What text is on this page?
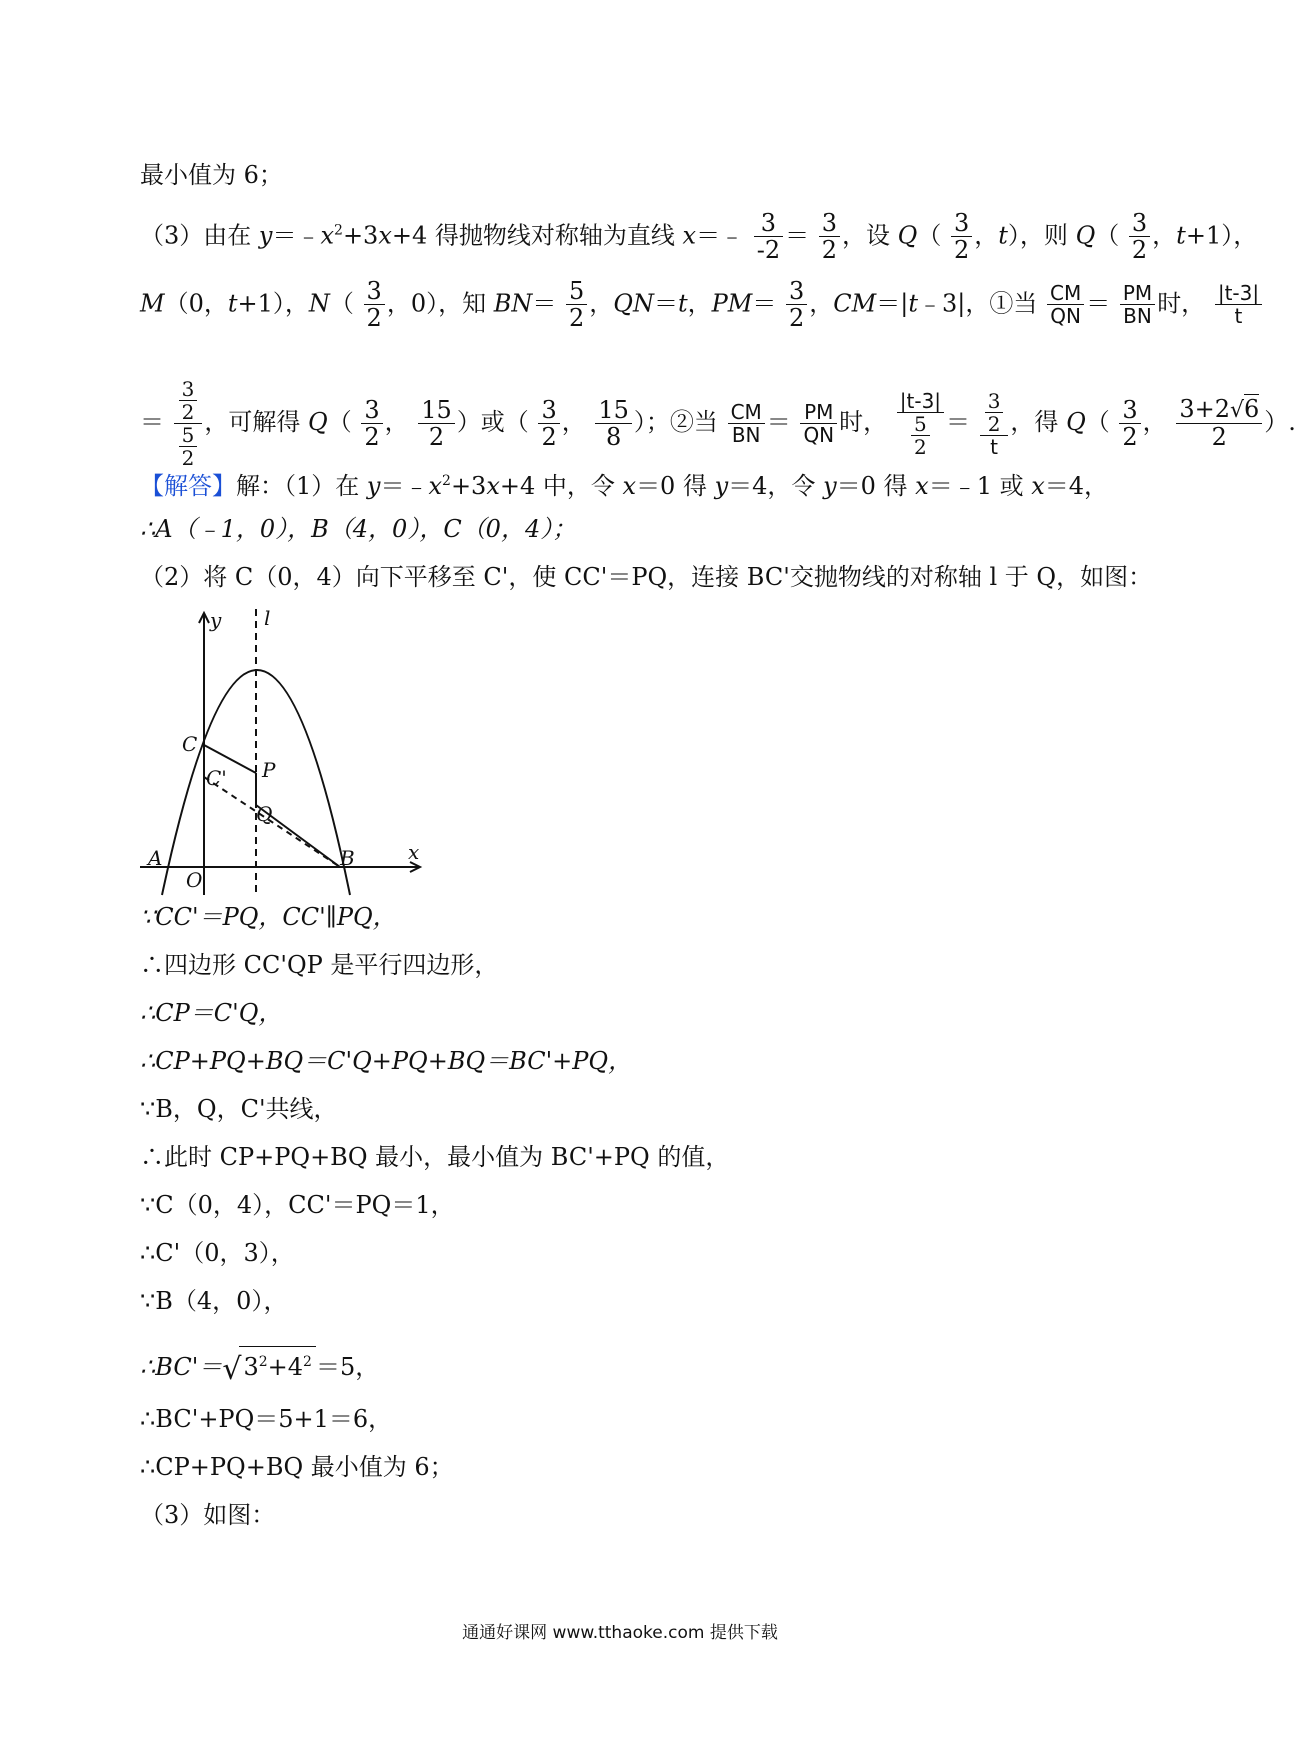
最小值为 6；
（3）由在 $y=﹣x^2+3x+4$ 得抛物线对称轴为直线 x＝﹣ $\frac{3}{-2} = \frac{3}{2}$ ，设 $Q( \frac{3}{2}$ ，t），则 $Q( \frac{3}{2}$ ，t+1），
M（0，t+1），$N( \frac{3}{2}$ ，0），知 $BN= \frac{5}{2}$ ，QN＝t，$PM= \frac{3}{2}$ ，CM＝|t﹣3|，①当 $\frac{CM}{QN} = \frac{PM}{BN}$ 时， $\frac{|t-3|}{t}$
＝ $\frac{\frac{3}{2}}{\frac{5}{2}}$ ，可解得 $Q( \frac{3}{2}$ ， $\frac{15}{2}$ ）或（ $\frac{3}{2}$ ， $\frac{15}{8}$ ）；②当 $\frac{CM}{BN} = \frac{PM}{QN}$ 时， $\frac{|t-3|}{\frac{5}{2}} = \frac{\frac{3}{2}}{t}$ ，得 $Q( \frac{3}{2}$ ， $\frac{3+2√6}{2}$ ）.
【解答】解：（1）在 $y=﹣x^2+3x+4$ 中，令 x＝0 得 y＝4，令 y＝0 得 x＝﹣1 或 x＝4，
∴A（﹣1，0），B（4，0），C（0，4）；
（2）将 C（0，4）向下平移至 C'，使 CC'＝PQ，连接 BC'交抛物线的对称轴 l 于 Q，如图：
y l
C
C' P
Q
A
O
B	x
∵CC'＝PQ，CC'∥PQ，
∴四边形 CC'QP 是平行四边形，
∴CP＝C'Q，
∴CP+PQ+BQ＝C'Q+PQ+BQ＝BC'+PQ，
∵B，Q，C'共线，
∴此时 CP+PQ+BQ 最小，最小值为 BC'+PQ 的值，
∵C（0，4），CC'＝PQ＝1，
∴C'（0，3），
∵B（4，0），
$\therefore BC'=√3^2+4^2 =5$，
∴BC'+PQ＝5+1＝6，
∴CP+PQ+BQ 最小值为 6；
（3）如图：
通通好课网 www.tthaoke.com 提供下载
